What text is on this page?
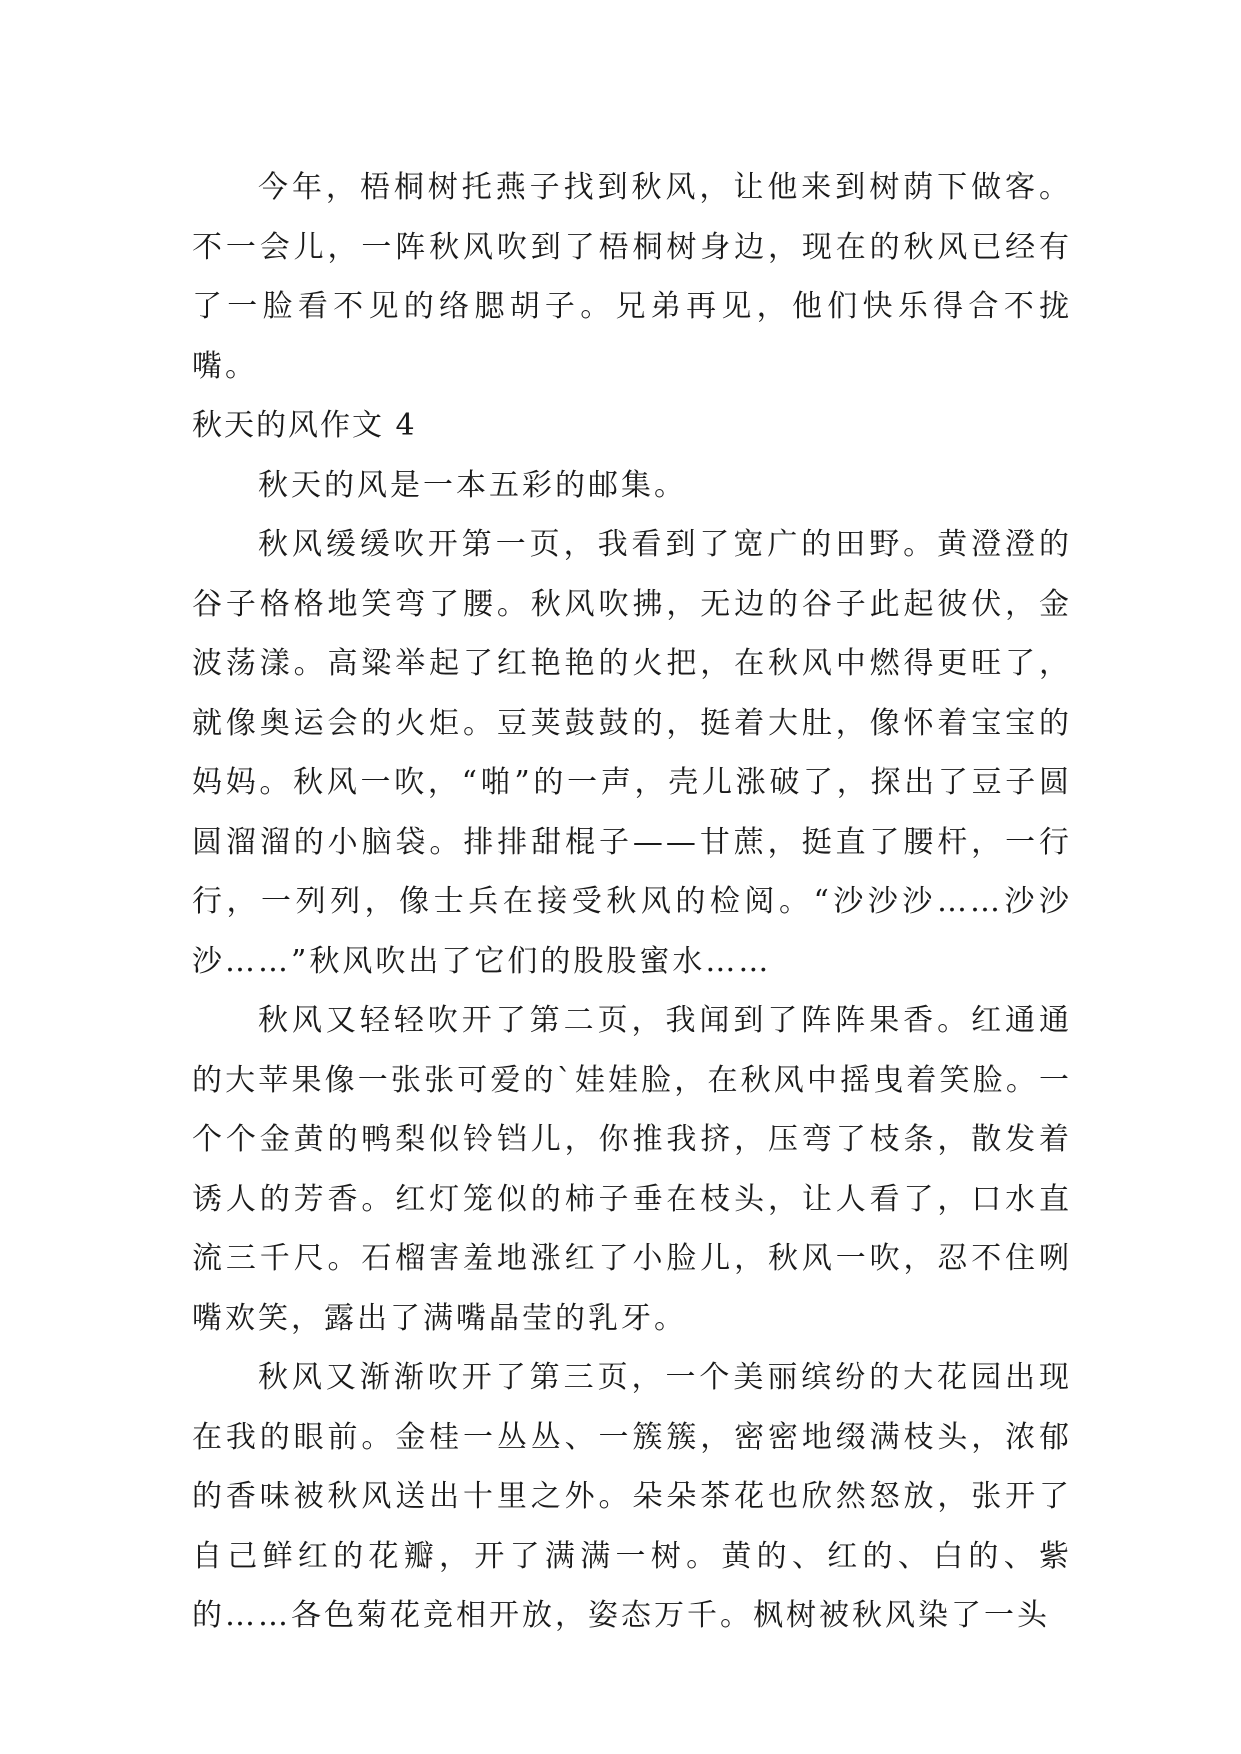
今年，梧桐树托燕子找到秋风，让他来到树荫下做客。不一会儿，一阵秋风吹到了梧桐树身边，现在的秋风已经有了一脸看不见的络腮胡子。兄弟再见，他们快乐得合不拢嘴。

秋天的风作文 4

秋天的风是一本五彩的邮集。

秋风缓缓吹开第一页，我看到了宽广的田野。黄澄澄的谷子格格地笑弯了腰。秋风吹拂，无边的谷子此起彼伏，金波荡漾。高粱举起了红艳艳的火把，在秋风中燃得更旺了，就像奥运会的火炬。豆荚鼓鼓的，挺着大肚，像怀着宝宝的妈妈。秋风一吹，“啪”的一声，壳儿涨破了，探出了豆子圆圆溜溜的小脑袋。排排甜棍子——甘蔗，挺直了腰杆，一行行，一列列，像士兵在接受秋风的检阅。“沙沙沙……沙沙沙……”秋风吹出了它们的股股蜜水……

秋风又轻轻吹开了第二页，我闻到了阵阵果香。红通通的大苹果像一张张可爱的`娃娃脸，在秋风中摇曳着笑脸。一个个金黄的鸭梨似铃铛儿，你推我挤，压弯了枝条，散发着诱人的芳香。红灯笼似的柿子垂在枝头，让人看了，口水直流三千尺。石榴害羞地涨红了小脸儿，秋风一吹，忍不住咧嘴欢笑，露出了满嘴晶莹的乳牙。

秋风又渐渐吹开了第三页，一个美丽缤纷的大花园出现在我的眼前。金桂一丛丛、一簇簇，密密地缀满枝头，浓郁的香味被秋风送出十里之外。朵朵茶花也欣然怒放，张开了自己鲜红的花瓣，开了满满一树。黄的、红的、白的、紫的……各色菊花竞相开放，姿态万千。枫树被秋风染了一头
